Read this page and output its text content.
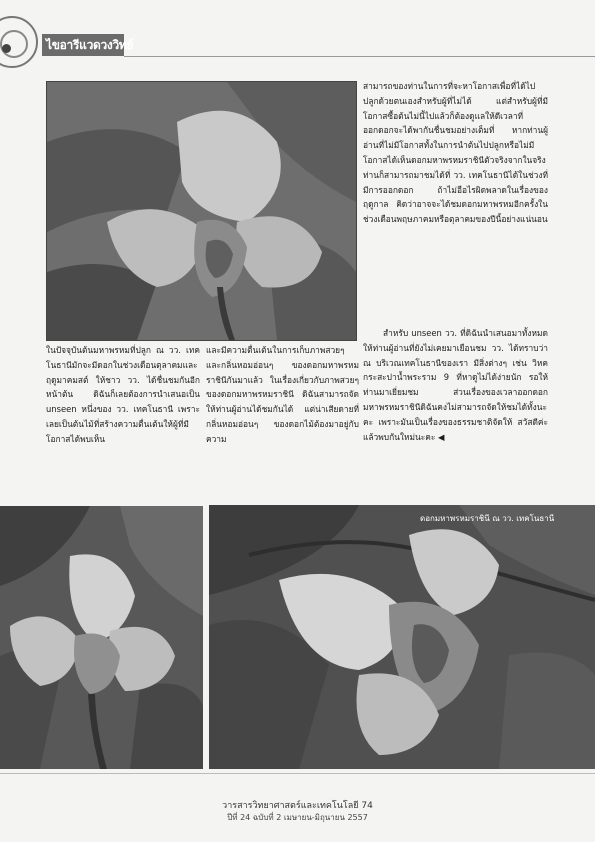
ไขอารีแวดวงวิทย์

สามารถของท่านในการที่จะหาโอกาสเพื่อที่ได้ไปปลูกด้วยตนเองสำหรับผู้ที่ไม่ได้ แต่สำหรับผู้ที่มีโอกาสซื้อต้นไม่นี้ไปแล้วก็ต้องดูแลให้ดีเวลาที่ออกดอกจะได้พากันชื่นชมอย่างเต็มที่ หากท่านผู้อ่านที่ไม่มีโอกาสทั้งในการนำต้นไปปลูกหรือไม่มีโอกาสได้เห็นดอกมหาพรหมราชินีตัวจริงจากในจริงท่านก็สามารถมาชมได้ที่ วว. เทคโนธานีได้ในช่วงที่มีการออกดอก ถ้าไม่อือไรผิดพลาดในเรื่องของฤดูกาล คิดว่าอาจจะได้ชมดอกมหาพรหมอีกครั้งในช่วงเดือนพฤษภาคมหรือตุลาคมของปีนี้อย่างแน่นอน

สำหรับ unseen วว. ที่ดิฉันนำเสนอมาทั้งหมดให้ท่านผู้อ่านที่ยังไม่เคยมาเยือนชม วว. ได้ทราบว่า ณ บริเวณเทคโนธานีของเรา มีสิ่งต่างๆ เช่น วิหคกระสะปาน้ำพระราม 9 ที่หาดูไม่ได้ง่ายนัก รอให้ท่านมาเยี่ยมชม ส่วนเรื่องของเวลาออกดอกมหาพรหมราชินีดิฉันคงไม่สามารถจัดให้ชมได้ทั้งนะคะ เพราะมันเป็นเรื่องของธรรมชาติจัดให้ สวัสดีค่ะ แล้วพบกันใหม่นะคะ ◀

ในปัจจุบันต้นมหาพรหมที่ปลูก ณ วว. เทคโนธานีมักจะมีดอกในช่วงเดือนตุลาคมและฤดูมาคมสต์ ให้ชาว วว. ได้ชื่นชมกันอีกหน้าต้น ดิฉันก็เลยต้องการนำเสนอเป็น unseen หนึ่งของ วว. เทคโนธานี เพราะเลยเป็นต้นไม้ที่สร้างความตื่นเต้นให้ผู้ที่มีโอกาสได้พบเห็น

และมีความตื่นเต้นในการเก็บภาพสวยๆ และกลิ่นหอมอ่อนๆ ของดอกมหาพรหมราชินีกันมาแล้ว ในเรื่องเกี่ยวกับภาพสวยๆ ของดอกมหาพรหมราชินี ดิฉันสามารถจัดให้ท่านผู้อ่านได้ชมกันได้ แต่น่าเสียดายที่กลิ่นหอมอ่อนๆ ของดอกไม้ต้องมาอยู่กับความ

ดอกมหาพรหมราชินี ณ วว. เทคโนธานี
วารสารวิทยาศาสตร์และเทคโนโลยี 74
ปีที่ 24 ฉบับที่ 2 เมษายน-มิถุนายน 2557
